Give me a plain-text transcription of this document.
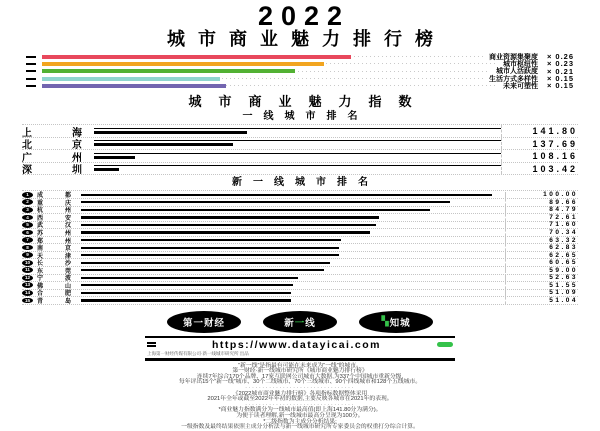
2022
城市商业魅力排行榜
商业资源集聚度	× 0.26
城市枢纽性	× 0.23
城市人活跃度	× 0.21
生活方式多样性	× 0.15
未来可塑性	× 0.15
城市商业魅力指数
一线城市排名
上	海	141.80
北	京	137.69
广	州	108.16
深	圳	103.42
新一线城市排名
1	成	都	100.00
2	重	庆	89.66
3	杭	州	84.79
4	西	安	72.61
5	武	汉	71.60
6	苏	州	70.34
7	郑	州	63.32
8	南	京	62.83
9	天	津	62.65
10	长	沙	60.65
11	东	莞	59.00
12	宁	波	52.63
13	佛	山	51.55
14	合	肥	51.09
15	青	岛	51.04
第一财经	新 一 线	▚ 知城
https://www.datayicai.com
上海第一财经传媒有限公司·新一线城市研究所 出品
“新一线”是指最有可能在未来成为“一线”的城市。
第一财经·新一线城市研究所《城市商业魅力排行榜》
连续7年综合170个品牌、17家互联网公司城市大数据,为337个中国城市重新分级,
每年评出15个“新一线”城市、30个二线城市、70个三线城市、90个四线城市和128个五线城市。
································
《2022城市商业魅力排行榜》各项指标数据整体采用
2021年全年或截至2022年年初的数据,主要反映各城市在2021年的表现。
································
*商业魅力指数满分为一线城市最高值(即上海141.80分为满分)。
为便于读者理解,新一线城市最高分呈现为100分。
*二级指数为主成分分析结果;
一级指数及最终结果依照主成分分析法与新一线城市研究所专家委员会的权重打分综合计算。
